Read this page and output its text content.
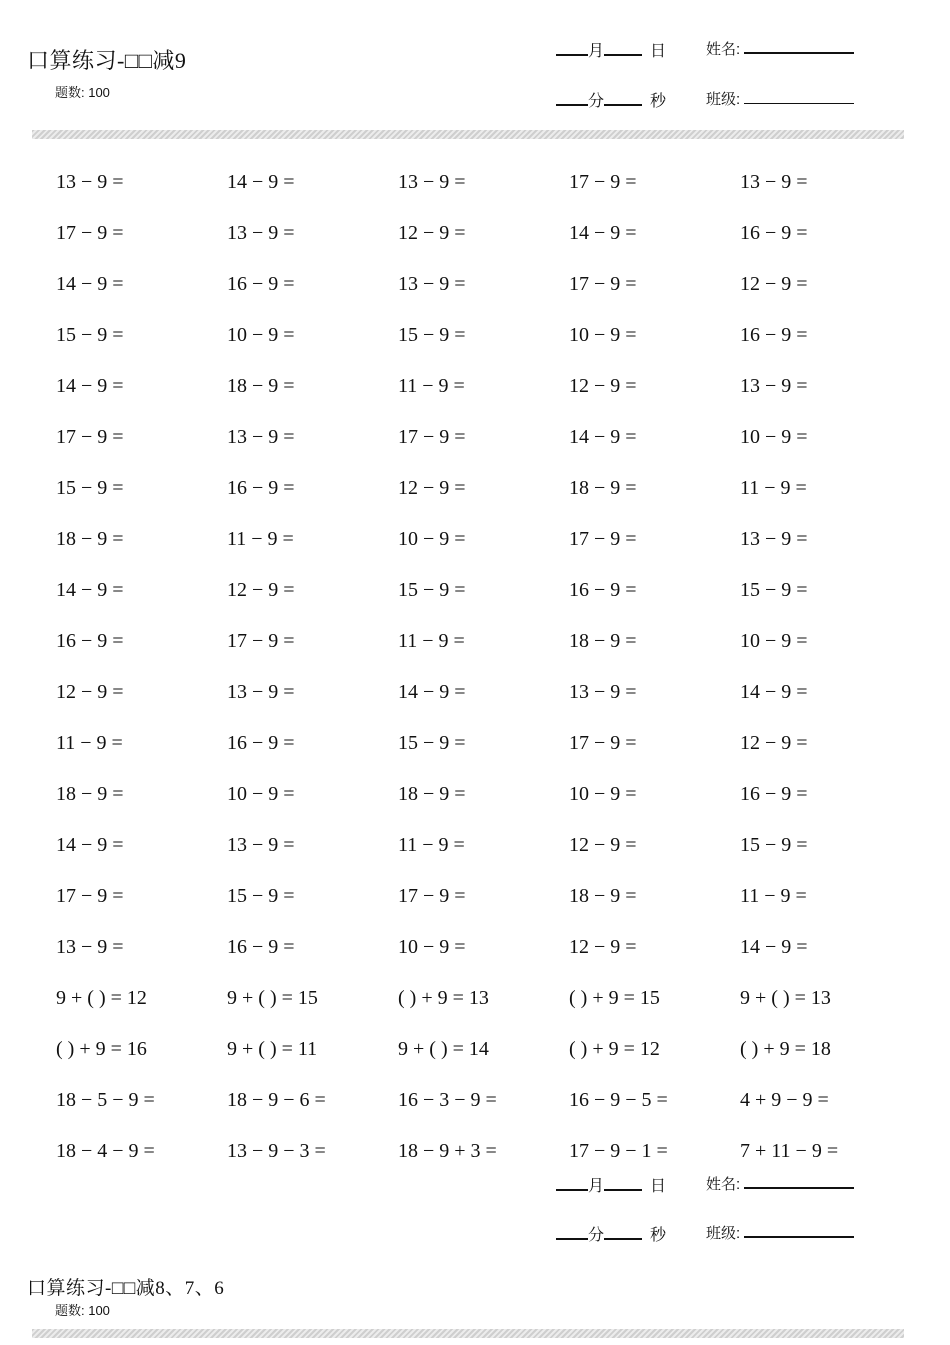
口算练习-□□减9
题数: 100
月	日	姓名:
分	秒	班级:
13 − 9 =	14 − 9 =	13 − 9 =	17 − 9 =	13 − 9 =
17 − 9 =	13 − 9 =	12 − 9 =	14 − 9 =	16 − 9 =
14 − 9 =	16 − 9 =	13 − 9 =	17 − 9 =	12 − 9 =
15 − 9 =	10 − 9 =	15 − 9 =	10 − 9 =	16 − 9 =
14 − 9 =	18 − 9 =	11 − 9 =	12 − 9 =	13 − 9 =
17 − 9 =	13 − 9 =	17 − 9 =	14 − 9 =	10 − 9 =
15 − 9 =	16 − 9 =	12 − 9 =	18 − 9 =	11 − 9 =
18 − 9 =	11 − 9 =	10 − 9 =	17 − 9 =	13 − 9 =
14 − 9 =	12 − 9 =	15 − 9 =	16 − 9 =	15 − 9 =
16 − 9 =	17 − 9 =	11 − 9 =	18 − 9 =	10 − 9 =
12 − 9 =	13 − 9 =	14 − 9 =	13 − 9 =	14 − 9 =
11 − 9 =	16 − 9 =	15 − 9 =	17 − 9 =	12 − 9 =
18 − 9 =	10 − 9 =	18 − 9 =	10 − 9 =	16 − 9 =
14 − 9 =	13 − 9 =	11 − 9 =	12 − 9 =	15 − 9 =
17 − 9 =	15 − 9 =	17 − 9 =	18 − 9 =	11 − 9 =
13 − 9 =	16 − 9 =	10 − 9 =	12 − 9 =	14 − 9 =
9 + ( ) = 12	9 + ( ) = 15	( ) + 9 = 13	( ) + 9 = 15	9 + ( ) = 13
( ) + 9 = 16	9 + ( ) = 11	9 + ( ) = 14	( ) + 9 = 12	( ) + 9 = 18
18 − 5 − 9 =	18 − 9 − 6 =	16 − 3 − 9 =	16 − 9 − 5 =	4 + 9 − 9 =
18 − 4 − 9 =	13 − 9 − 3 =	18 − 9 + 3 =	17 − 9 − 1 =	7 + 11 − 9 =
月	日	姓名:
分	秒	班级:
口算练习-□□减8、7、6
题数: 100
